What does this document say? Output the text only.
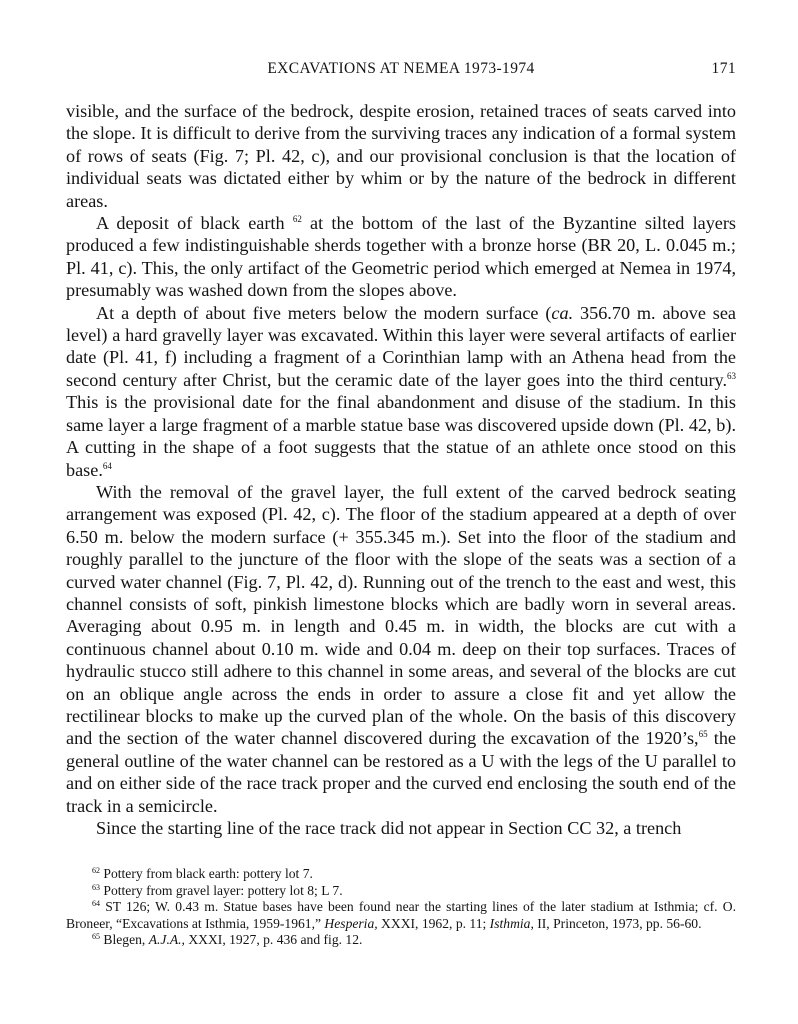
EXCAVATIONS AT NEMEA 1973-1974	171

visible, and the surface of the bedrock, despite erosion, retained traces of seats carved into the slope. It is difficult to derive from the surviving traces any indication of a formal system of rows of seats (Fig. 7; Pl. 42, c), and our provisional conclusion is that the location of individual seats was dictated either by whim or by the nature of the bedrock in different areas.

A deposit of black earth $^{62}$ at the bottom of the last of the Byzantine silted layers produced a few indistinguishable sherds together with a bronze horse (BR 20, L. 0.045 m.; Pl. 41, c). This, the only artifact of the Geometric period which emerged at Nemea in 1974, presumably was washed down from the slopes above.

At a depth of about five meters below the modern surface (ca. 356.70 m. above sea level) a hard gravelly layer was excavated. Within this layer were several artifacts of earlier date (Pl. 41, f) including a fragment of a Corinthian lamp with an Athena head from the second century after Christ, but the ceramic date of the layer goes into the third century.$^{63}$ This is the provisional date for the final abandonment and disuse of the stadium. In this same layer a large fragment of a marble statue base was discovered upside down (Pl. 42, b). A cutting in the shape of a foot suggests that the statue of an athlete once stood on this base.$^{64}$

With the removal of the gravel layer, the full extent of the carved bedrock seating arrangement was exposed (Pl. 42, c). The floor of the stadium appeared at a depth of over 6.50 m. below the modern surface (+ 355.345 m.). Set into the floor of the stadium and roughly parallel to the juncture of the floor with the slope of the seats was a section of a curved water channel (Fig. 7, Pl. 42, d). Running out of the trench to the east and west, this channel consists of soft, pinkish limestone blocks which are badly worn in several areas. Averaging about 0.95 m. in length and 0.45 m. in width, the blocks are cut with a continuous channel about 0.10 m. wide and 0.04 m. deep on their top surfaces. Traces of hydraulic stucco still adhere to this channel in some areas, and several of the blocks are cut on an oblique angle across the ends in order to assure a close fit and yet allow the rectilinear blocks to make up the curved plan of the whole. On the basis of this discovery and the section of the water channel discovered during the excavation of the 1920’s,$^{65}$ the general outline of the water channel can be restored as a U with the legs of the U parallel to and on either side of the race track proper and the curved end enclosing the south end of the track in a semicircle.

Since the starting line of the race track did not appear in Section CC 32, a trench

$^{62}$ Pottery from black earth: pottery lot 7.

$^{63}$ Pottery from gravel layer: pottery lot 8; L 7.

$^{64}$ ST 126; W. 0.43 m. Statue bases have been found near the starting lines of the later stadium at Isthmia; cf. O. Broneer, “Excavations at Isthmia, 1959-1961,” Hesperia, XXXI, 1962, p. 11; Isthmia, II, Princeton, 1973, pp. 56-60.

$^{65}$ Blegen, A.J.A., XXXI, 1927, p. 436 and fig. 12.
